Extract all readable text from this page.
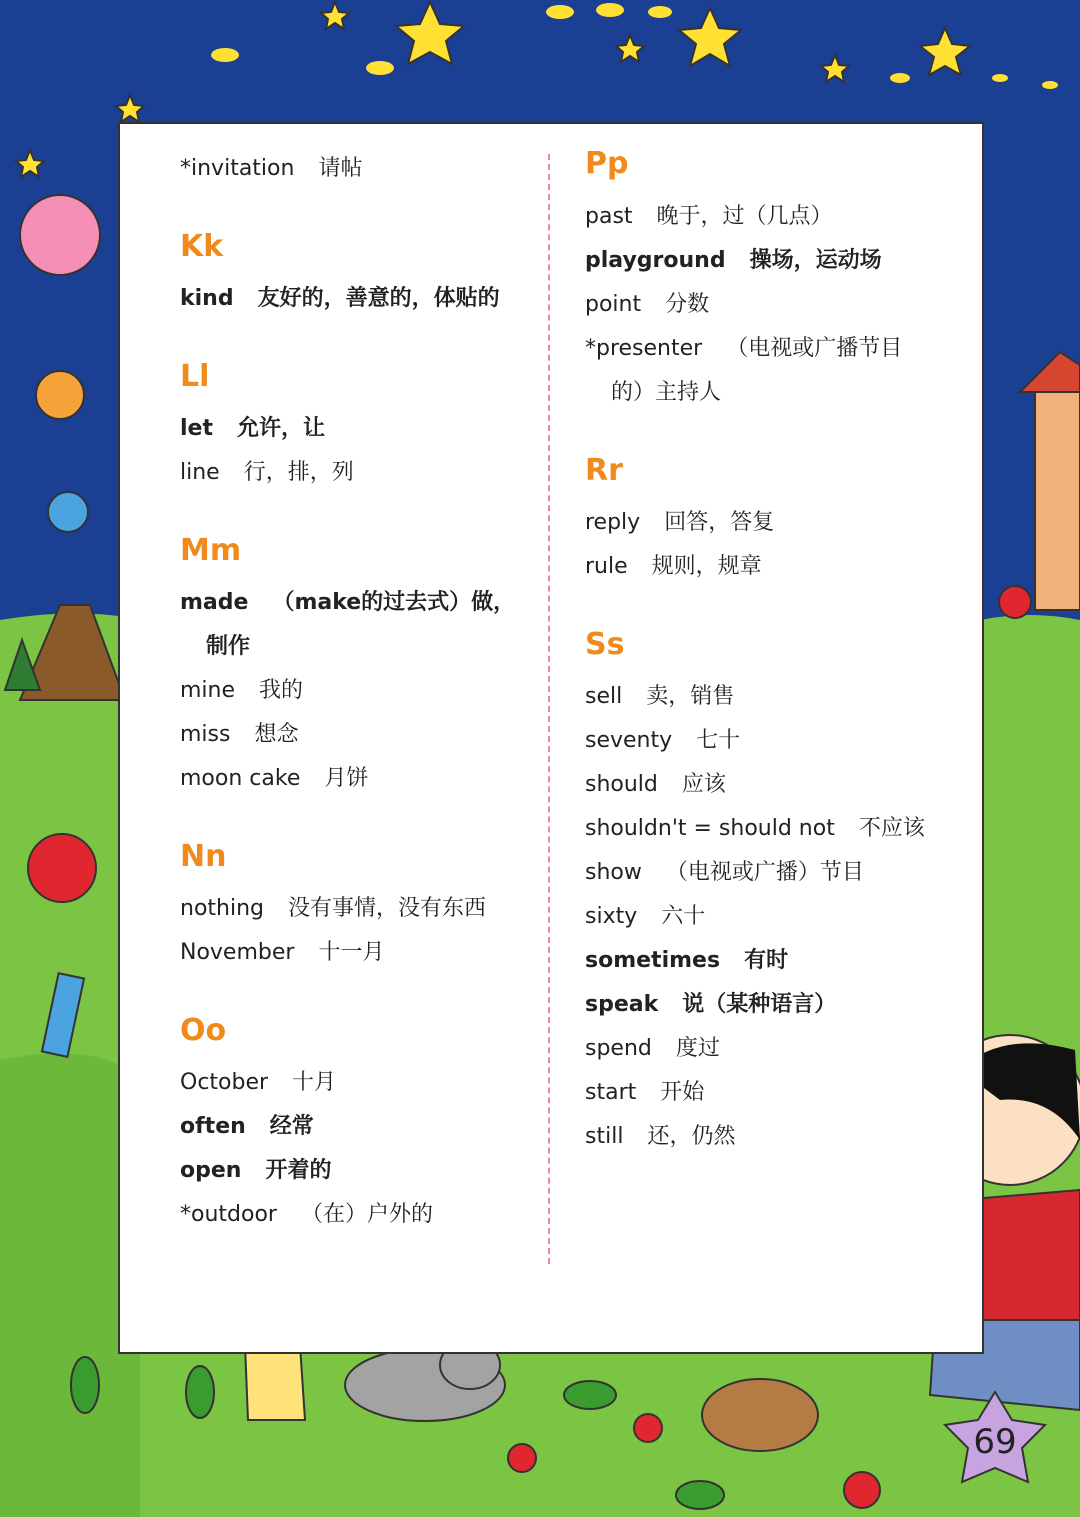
*invitation 请帖
Kk
kind 友好的，善意的，体贴的
Ll
let 允许，让
line 行，排，列
Mm
made （make的过去式）做，
制作
mine 我的
miss 想念
moon cake 月饼
Nn
nothing 没有事情，没有东西
November 十一月
Oo
October 十月
often 经常
open 开着的
*outdoor （在）户外的
Pp
past 晚于，过（几点）
playground 操场，运动场
point 分数
*presenter （电视或广播节目
的）主持人
Rr
reply 回答，答复
rule 规则，规章
Ss
sell 卖，销售
seventy 七十
should 应该
shouldn't = should not 不应该
show （电视或广播）节目
sixty 六十
sometimes 有时
speak 说（某种语言）
spend 度过
start 开始
still 还，仍然
69
